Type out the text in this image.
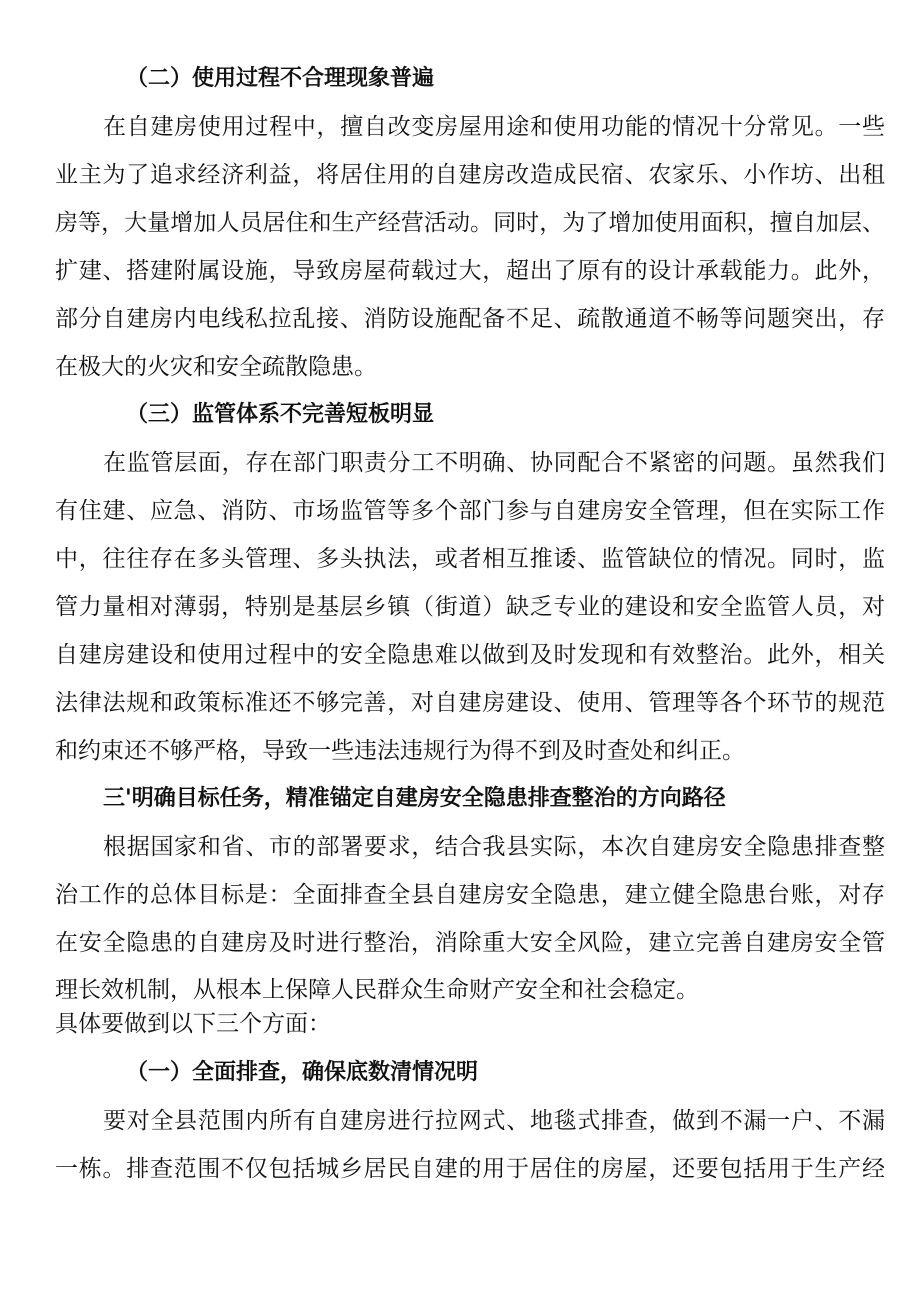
（二）使用过程不合理现象普遍
在自建房使用过程中，擅自改变房屋用途和使用功能的情况十分常见。一些
业主为了追求经济利益，将居住用的自建房改造成民宿、农家乐、小作坊、出租
房等，大量增加人员居住和生产经营活动。同时，为了增加使用面积，擅自加层、
扩建、搭建附属设施，导致房屋荷载过大，超出了原有的设计承载能力。此外，
部分自建房内电线私拉乱接、消防设施配备不足、疏散通道不畅等问题突出，存
在极大的火灾和安全疏散隐患。
（三）监管体系不完善短板明显
在监管层面，存在部门职责分工不明确、协同配合不紧密的问题。虽然我们
有住建、应急、消防、市场监管等多个部门参与自建房安全管理，但在实际工作
中，往往存在多头管理、多头执法，或者相互推诿、监管缺位的情况。同时，监
管力量相对薄弱，特别是基层乡镇（街道）缺乏专业的建设和安全监管人员，对
自建房建设和使用过程中的安全隐患难以做到及时发现和有效整治。此外，相关
法律法规和政策标准还不够完善，对自建房建设、使用、管理等各个环节的规范
和约束还不够严格，导致一些违法违规行为得不到及时查处和纠正。
三'明确目标任务，精准锚定自建房安全隐患排查整治的方向路径
根据国家和省、市的部署要求，结合我县实际，本次自建房安全隐患排查整
治工作的总体目标是：全面排查全县自建房安全隐患，建立健全隐患台账，对存
在安全隐患的自建房及时进行整治，消除重大安全风险，建立完善自建房安全管
理长效机制，从根本上保障人民群众生命财产安全和社会稳定。
具体要做到以下三个方面：
（一）全面排查，确保底数清情况明
要对全县范围内所有自建房进行拉网式、地毯式排查，做到不漏一户、不漏
一栋。排查范围不仅包括城乡居民自建的用于居住的房屋，还要包括用于生产经
